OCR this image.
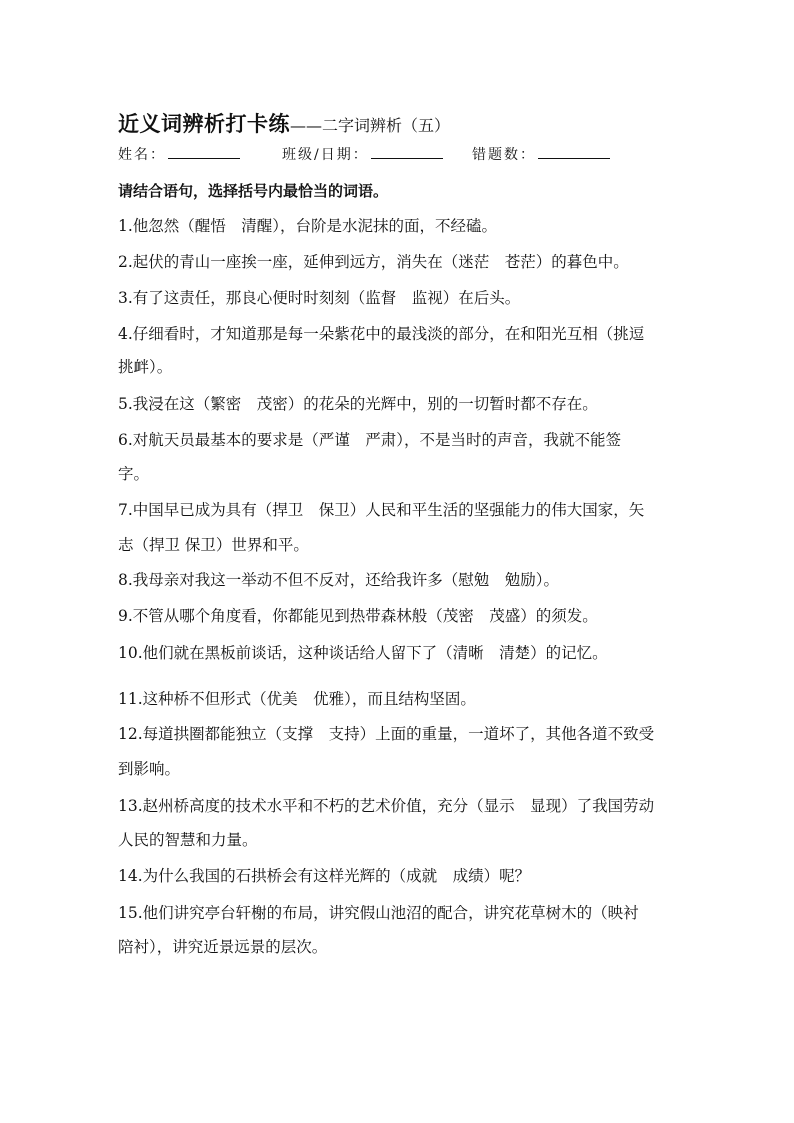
近义词辨析打卡练——二字词辨析（五）
姓名：	班级/日期：	错题数：
请结合语句，选择括号内最恰当的词语。
1.他忽然（醒悟　清醒），台阶是水泥抹的面，不经磕。
2.起伏的青山一座挨一座，延伸到远方，消失在（迷茫　苍茫）的暮色中。
3.有了这责任，那良心便时时刻刻（监督　监视）在后头。
4.仔细看时，才知道那是每一朵紫花中的最浅淡的部分，在和阳光互相（挑逗
挑衅）。
5.我浸在这（繁密　茂密）的花朵的光辉中，别的一切暂时都不存在。
6.对航天员最基本的要求是（严谨　严肃），不是当时的声音，我就不能签
字。
7.中国早已成为具有（捍卫　保卫）人民和平生活的坚强能力的伟大国家，矢
志（捍卫 保卫）世界和平。
8.我母亲对我这一举动不但不反对，还给我许多（慰勉　勉励）。
9.不管从哪个角度看，你都能见到热带森林般（茂密　茂盛）的须发。
10.他们就在黑板前谈话，这种谈话给人留下了（清晰　清楚）的记忆。
11.这种桥不但形式（优美　优雅），而且结构坚固。
12.每道拱圈都能独立（支撑　支持）上面的重量，一道坏了，其他各道不致受
到影响。
13.赵州桥高度的技术水平和不朽的艺术价值，充分（显示　显现）了我国劳动
人民的智慧和力量。
14.为什么我国的石拱桥会有这样光辉的（成就　成绩）呢？
15.他们讲究亭台轩榭的布局，讲究假山池沼的配合，讲究花草树木的（映衬
陪衬），讲究近景远景的层次。
